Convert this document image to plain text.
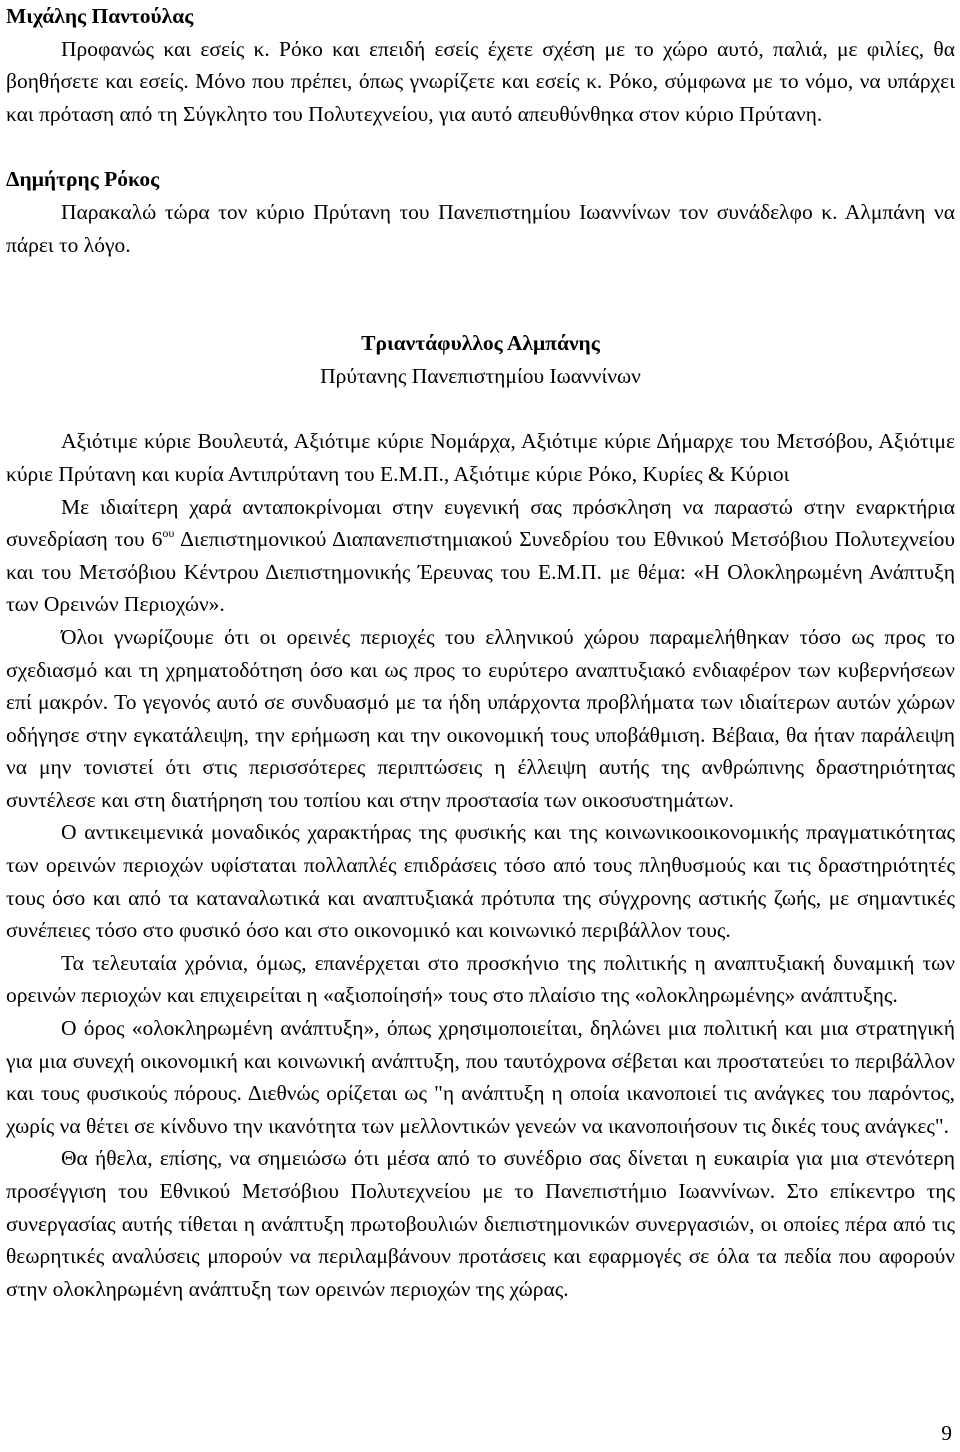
Μιχάλης Παντούλας

Προφανώς και εσείς κ. Ρόκο και επειδή εσείς έχετε σχέση με το χώρο αυτό, παλιά, με φιλίες, θα βοηθήσετε και εσείς. Μόνο που πρέπει, όπως γνωρίζετε και εσείς κ. Ρόκο, σύμφωνα με το νόμο, να υπάρχει και πρόταση από τη Σύγκλητο του Πολυτεχνείου, για αυτό απευθύνθηκα στον κύριο Πρύτανη.

Δημήτρης Ρόκος

Παρακαλώ τώρα τον κύριο Πρύτανη του Πανεπιστημίου Ιωαννίνων τον συνάδελφο κ. Αλμπάνη να πάρει το λόγο.

Τριαντάφυλλος Αλμπάνης

Πρύτανης Πανεπιστημίου Ιωαννίνων

Αξιότιμε κύριε Βουλευτά, Αξιότιμε κύριε Νομάρχα, Αξιότιμε κύριε Δήμαρχε του Μετσόβου, Αξιότιμε κύριε Πρύτανη και κυρία Αντιπρύτανη του Ε.Μ.Π., Αξιότιμε κύριε Ρόκο, Κυρίες & Κύριοι

Με ιδιαίτερη χαρά ανταποκρίνομαι στην ευγενική σας πρόσκληση να παραστώ στην εναρκτήρια συνεδρίαση του $6^{o\upsilon}$ Διεπιστημονικού Διαπανεπιστημιακού Συνεδρίου του Εθνικού Μετσόβιου Πολυτεχνείου και του Μετσόβιου Κέντρου Διεπιστημονικής Έρευνας του Ε.Μ.Π. με θέμα: «Η Ολοκληρωμένη Ανάπτυξη των Ορεινών Περιοχών».

Όλοι γνωρίζουμε ότι οι ορεινές περιοχές του ελληνικού χώρου παραμελήθηκαν τόσο ως προς το σχεδιασμό και τη χρηματοδότηση όσο και ως προς το ευρύτερο αναπτυξιακό ενδιαφέρον των κυβερνήσεων επί μακρόν. Το γεγονός αυτό σε συνδυασμό με τα ήδη υπάρχοντα προβλήματα των ιδιαίτερων αυτών χώρων οδήγησε στην εγκατάλειψη, την ερήμωση και την οικονομική τους υποβάθμιση. Βέβαια, θα ήταν παράλειψη να μην τονιστεί ότι στις περισσότερες περιπτώσεις η έλλειψη αυτής της ανθρώπινης δραστηριότητας συντέλεσε και στη διατήρηση του τοπίου και στην προστασία των οικοσυστημάτων.

Ο αντικειμενικά μοναδικός χαρακτήρας της φυσικής και της κοινωνικοοικονομικής πραγματικότητας των ορεινών περιοχών υφίσταται πολλαπλές επιδράσεις τόσο από τους πληθυσμούς και τις δραστηριότητές τους όσο και από τα καταναλωτικά και αναπτυξιακά πρότυπα της σύγχρονης αστικής ζωής, με σημαντικές συνέπειες τόσο στο φυσικό όσο και στο οικονομικό και κοινωνικό περιβάλλον τους.

Τα τελευταία χρόνια, όμως, επανέρχεται στο προσκήνιο της πολιτικής η αναπτυξιακή δυναμική των ορεινών περιοχών και επιχειρείται η «αξιοποίησή» τους στο πλαίσιο της «ολοκληρωμένης» ανάπτυξης.

Ο όρος «ολοκληρωμένη ανάπτυξη», όπως χρησιμοποιείται, δηλώνει μια πολιτική και μια στρατηγική για μια συνεχή οικονομική και κοινωνική ανάπτυξη, που ταυτόχρονα σέβεται και προστατεύει το περιβάλλον και τους φυσικούς πόρους. Διεθνώς ορίζεται ως "η ανάπτυξη η οποία ικανοποιεί τις ανάγκες του παρόντος, χωρίς να θέτει σε κίνδυνο την ικανότητα των μελλοντικών γενεών να ικανοποιήσουν τις δικές τους ανάγκες".

Θα ήθελα, επίσης, να σημειώσω ότι μέσα από το συνέδριο σας δίνεται η ευκαιρία για μια στενότερη προσέγγιση του Εθνικού Μετσόβιου Πολυτεχνείου με το Πανεπιστήμιο Ιωαννίνων. Στο επίκεντρο της συνεργασίας αυτής τίθεται η ανάπτυξη πρωτοβουλιών διεπιστημονικών συνεργασιών, οι οποίες πέρα από τις θεωρητικές αναλύσεις μπορούν να περιλαμβάνουν προτάσεις και εφαρμογές σε όλα τα πεδία που αφορούν στην ολοκληρωμένη ανάπτυξη των ορεινών περιοχών της χώρας.

9
